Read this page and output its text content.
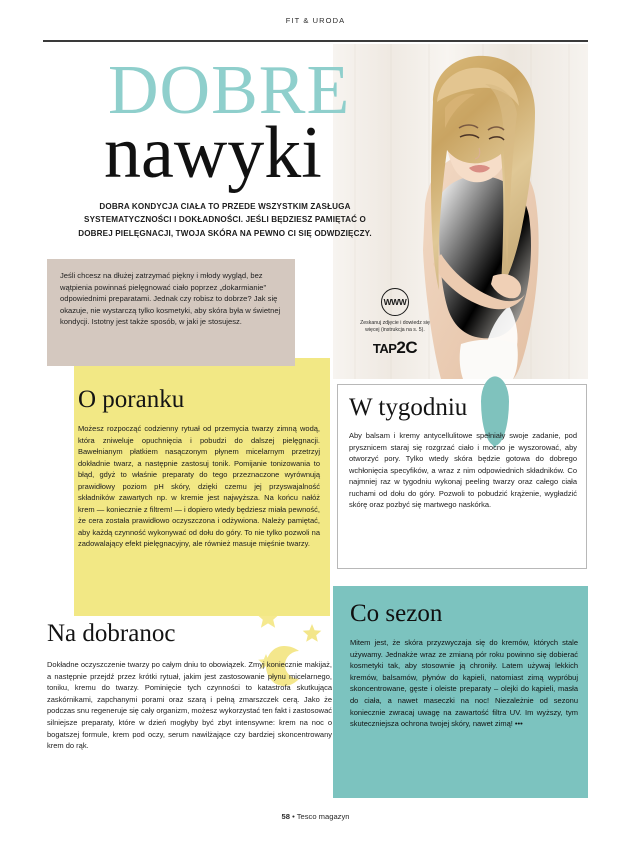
FIT & URODA
DOBRE
nawyki
DOBRA KONDYCJA CIAŁA TO PRZEDE WSZYSTKIM ZASŁUGA SYSTEMATYCZNOŚCI I DOKŁADNOŚCI. JEŚLI BĘDZIESZ PAMIĘTAĆ O DOBREJ PIELĘGNACJI, TWOJA SKÓRA NA PEWNO CI SIĘ ODWDZIĘCZY.

Jeśli chcesz na dłużej zatrzymać piękny i młody wygląd, bez wątpienia powinnaś pielęgnować ciało poprzez „dokarmianie" odpowiednimi preparatami. Jednak czy robisz to dobrze? Jak się okazuje, nie wystarczą tylko kosmetyki, aby skóra była w świetnej kondycji. Istotny jest także sposób, w jaki je stosujesz.

WWW
Zeskanuj zdjęcie i dowiedz się więcej (instrukcja na s. 5).
TAP2C
O poranku

Możesz rozpocząć codzienny rytuał od przemycia twarzy zimną wodą, która zniweluje opuchnięcia i pobudzi do dalszej pielęgnacji. Bawełnianym płatkiem nasączonym płynem micelarnym przetrzyj dokładnie twarz, a następnie zastosuj tonik. Pomijanie tonizowania to błąd, gdyż to właśnie preparaty do tego przeznaczone wyrównują prawidłowy poziom pH skóry, dzięki czemu jej przyswajalność składników zawartych np. w kremie jest najwyższa. Na końcu nałóż krem — koniecznie z filtrem! — i dopiero wtedy będziesz miała pewność, że cera została prawidłowo oczyszczona i odżywiona. Należy pamiętać, aby każdą czynność wykonywać od dołu do góry. To nie tylko pozwoli na zadowalający efekt pielęgnacyjny, ale również masuje mięśnie twarzy.

W tygodniu

Aby balsam i kremy antycellulitowe spełniały swoje zadanie, pod prysznicem staraj się rozgrzać ciało i mocno je wyszorować, aby otworzyć pory. Tylko wtedy skóra będzie gotowa do dobrego wchłonięcia specyfików, a wraz z nim odpowiednich składników. Co najmniej raz w tygodniu wykonaj peeling twarzy oraz całego ciała ruchami od dołu do góry. Pozwoli to pobudzić krążenie, wygładzić skórę oraz pozbyć się martwego naskórka.

Na dobranoc

Dokładne oczyszczenie twarzy po całym dniu to obowiązek. Zmyj koniecznie makijaż, a następnie przejdź przez krótki rytuał, jakim jest zastosowanie płynu micelarnego, toniku, kremu do twarzy. Pominięcie tych czynności to katastrofa skutkująca zaskórnikami, zapchanymi porami oraz szarą i pełną zmarszczek cerą. Jako że podczas snu regeneruje się cały organizm, możesz wykorzystać ten fakt i zastosować silniejsze preparaty, które w dzień mogłyby być zbyt intensywne: krem na noc o bogatszej formule, krem pod oczy, serum nawilżające czy bardziej skoncentrowany krem do rąk.

Co sezon

Mitem jest, że skóra przyzwyczaja się do kremów, których stale używamy. Jednakże wraz ze zmianą pór roku powinno się dobierać kosmetyki tak, aby stosownie ją chroniły. Latem używaj lekkich kremów, balsamów, płynów do kąpieli, natomiast zimą wypróbuj skoncentrowane, gęste i oleiste preparaty – olejki do kąpieli, masła do ciała, a nawet maseczki na noc! Niezależnie od sezonu koniecznie zwracaj uwagę na zawartość filtra UV. Im wyższy, tym skuteczniejsza ochrona twojej skóry, nawet zimą! •••

58 • Tesco magazyn
